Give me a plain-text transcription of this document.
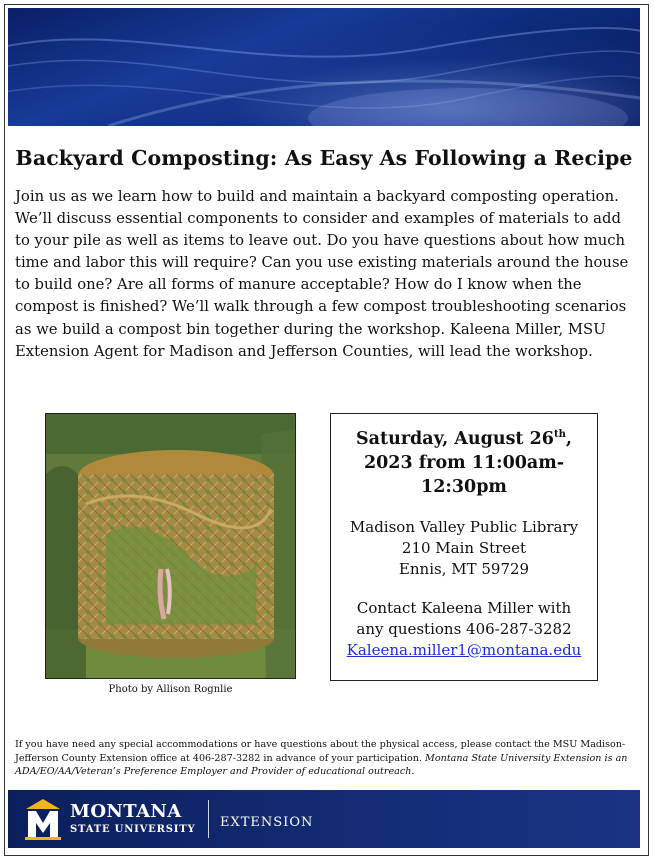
Backyard Composting: As Easy As Following a Recipe

Join us as we learn how to build and maintain a backyard composting operation. We’ll discuss essential components to consider and examples of materials to add to your pile as well as items to leave out. Do you have questions about how much time and labor this will require? Can you use existing materials around the house to build one? Are all forms of manure acceptable? How do I know when the compost is finished? We’ll walk through a few compost troubleshooting scenarios as we build a compost bin together during the workshop. Kaleena Miller, MSU Extension Agent for Madison and Jefferson Counties, will lead the workshop.

Photo by Allison Rognlie
Saturday, August 26th,
2023 from 11:00am-
12:30pm
Madison Valley Public Library
210 Main Street
Ennis, MT 59729
Contact Kaleena Miller with
any questions 406-287-3282
Kaleena.miller1@montana.edu
If you have need any special accommodations or have questions about the physical access, please contact the MSU Madison-Jefferson County Extension office at 406-287-3282 in advance of your participation. Montana State University Extension is an ADA/EO/AA/Veteran’s Preference Employer and Provider of educational outreach.
MONTANA
STATE UNIVERSITY EXTENSION
